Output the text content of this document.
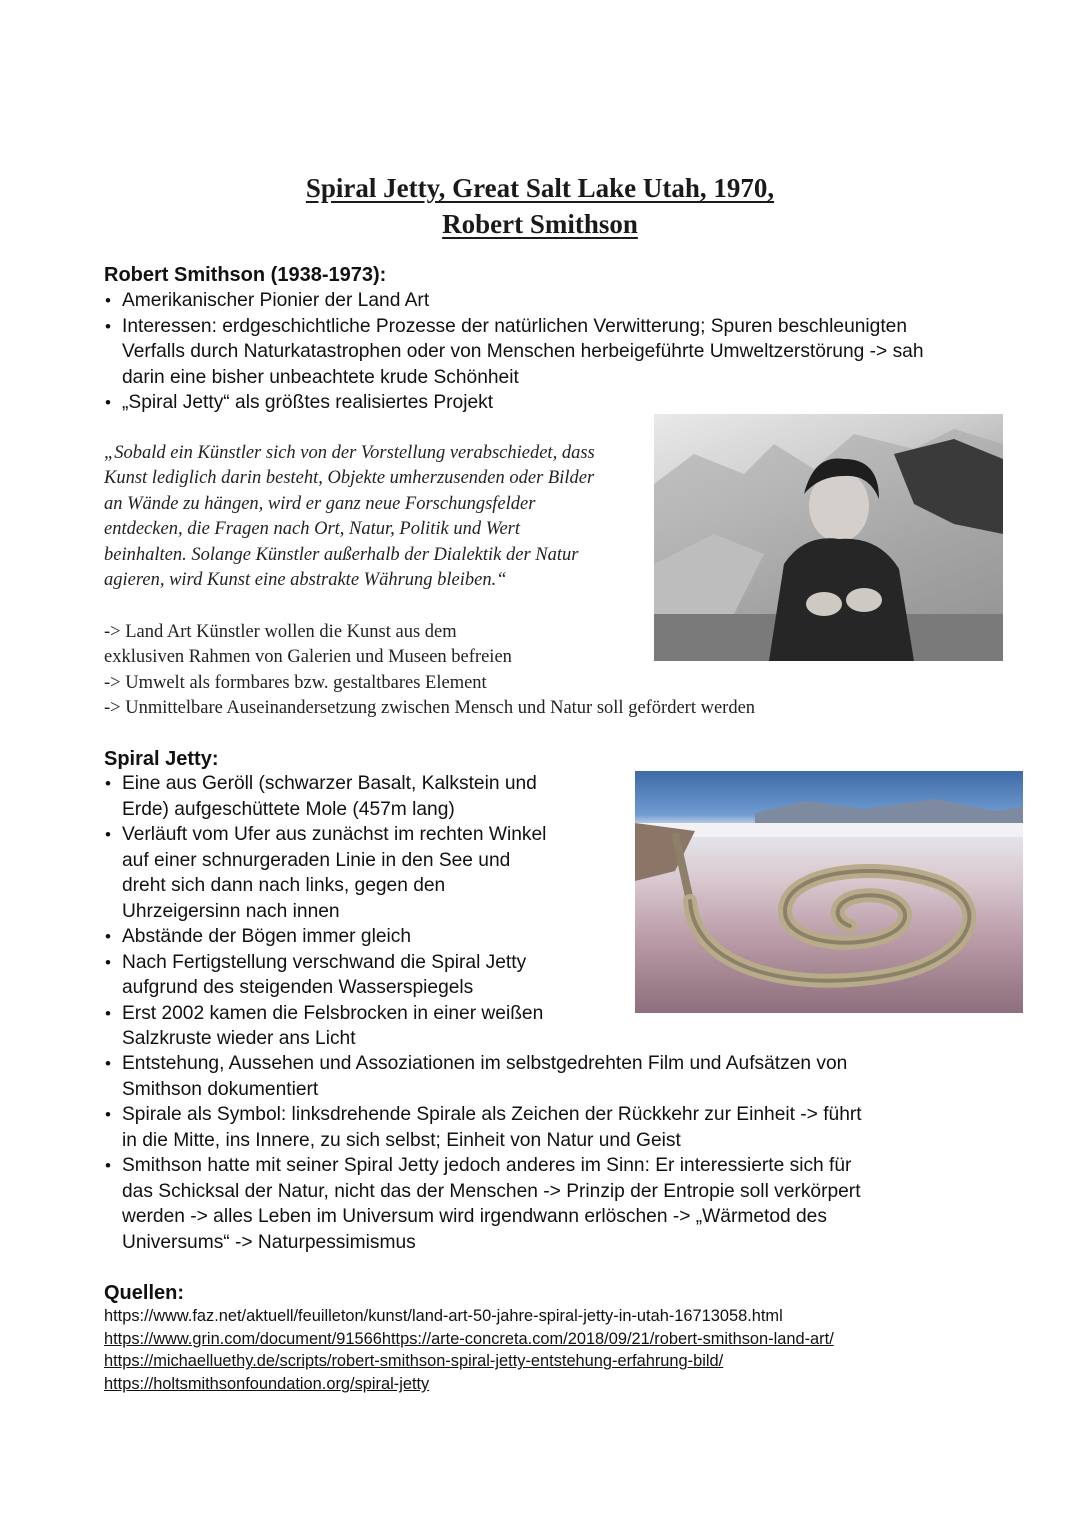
Spiral Jetty, Great Salt Lake Utah, 1970,
Robert Smithson
Robert Smithson (1938-1973):
• Amerikanischer Pionier der Land Art
• Interessen: erdgeschichtliche Prozesse der natürlichen Verwitterung; Spuren beschleunigten Verfalls durch Naturkatastrophen oder von Menschen herbeigeführte Umweltzerstörung -> sah darin eine bisher unbeachtete krude Schönheit
• „Spiral Jetty“ als größtes realisiertes Projekt
„Sobald ein Künstler sich von der Vorstellung verabschiedet, dass
Kunst lediglich darin besteht, Objekte umherzusenden oder Bilder
an Wände zu hängen, wird er ganz neue Forschungsfelder
entdecken, die Fragen nach Ort, Natur, Politik und Wert
beinhalten. Solange Künstler außerhalb der Dialektik der Natur
agieren, wird Kunst eine abstrakte Währung bleiben.“
-> Land Art Künstler wollen die Kunst aus dem
exklusiven Rahmen von Galerien und Museen befreien
-> Umwelt als formbares bzw. gestaltbares Element
-> Unmittelbare Auseinandersetzung zwischen Mensch und Natur soll gefördert werden
Spiral Jetty:
• Eine aus Geröll (schwarzer Basalt, Kalkstein und
Erde) aufgeschüttete Mole (457m lang)
• Verläuft vom Ufer aus zunächst im rechten Winkel
auf einer schnurgeraden Linie in den See und
dreht sich dann nach links, gegen den
Uhrzeigersinn nach innen
• Abstände der Bögen immer gleich
• Nach Fertigstellung verschwand die Spiral Jetty
aufgrund des steigenden Wasserspiegels
• Erst 2002 kamen die Felsbrocken in einer weißen
Salzkruste wieder ans Licht
• Entstehung, Aussehen und Assoziationen im selbstgedrehten Film und Aufsätzen von
Smithson dokumentiert
• Spirale als Symbol: linksdrehende Spirale als Zeichen der Rückkehr zur Einheit -> führt
in die Mitte, ins Innere, zu sich selbst; Einheit von Natur und Geist
• Smithson hatte mit seiner Spiral Jetty jedoch anderes im Sinn: Er interessierte sich für
das Schicksal der Natur, nicht das der Menschen -> Prinzip der Entropie soll verkörpert
werden -> alles Leben im Universum wird irgendwann erlöschen -> „Wärmetod des
Universums“ -> Naturpessimismus
Quellen:
https://www.faz.net/aktuell/feuilleton/kunst/land-art-50-jahre-spiral-jetty-in-utah-16713058.html
https://www.grin.com/document/91566https://arte-concreta.com/2018/09/21/robert-smithson-land-art/
https://michaelluethy.de/scripts/robert-smithson-spiral-jetty-entstehung-erfahrung-bild/
https://holtsmithsonfoundation.org/spiral-jetty
